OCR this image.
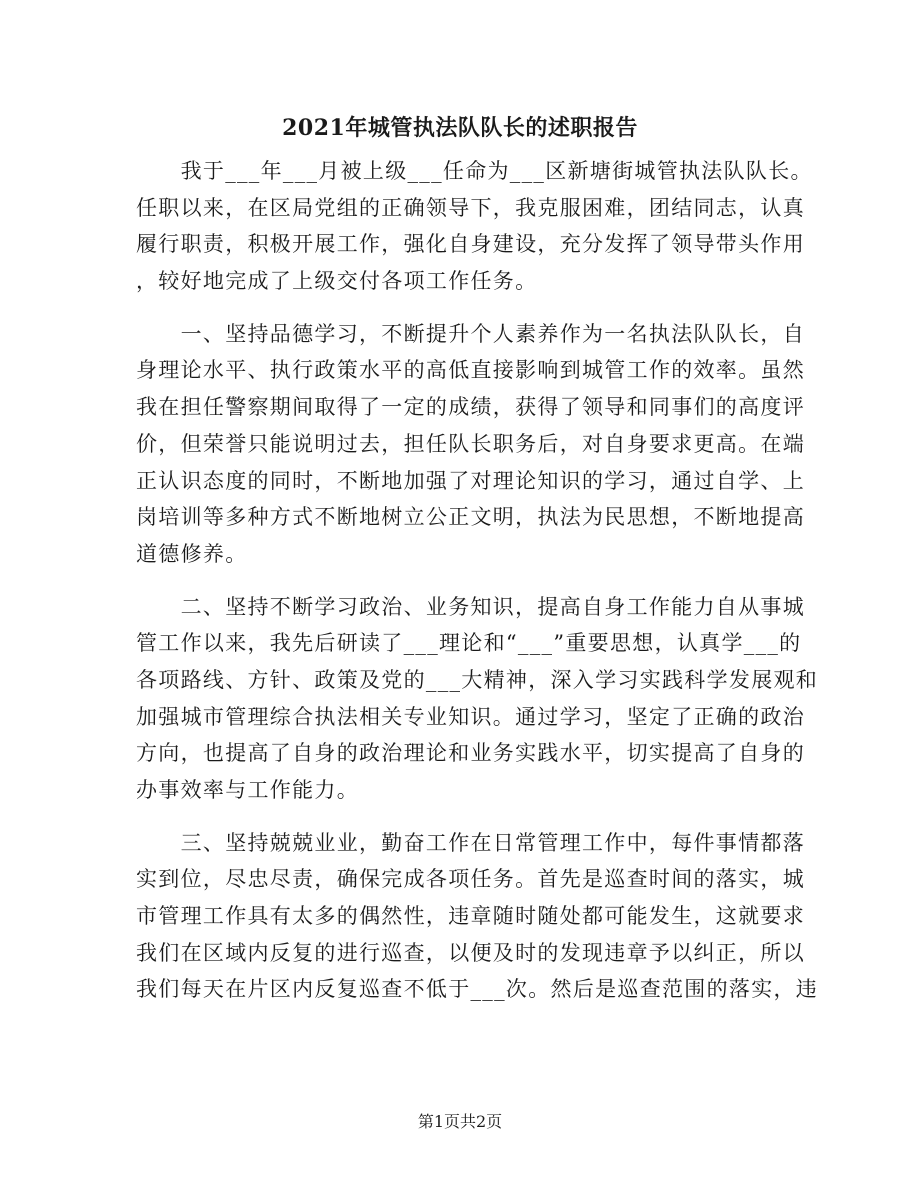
2021年城管执法队队长的述职报告
　　我于___年___月被上级___任命为___区新塘街城管执法队队长。
任职以来，在区局党组的正确领导下，我克服困难，团结同志，认真
履行职责，积极开展工作，强化自身建设，充分发挥了领导带头作用
，较好地完成了上级交付各项工作任务。
　　一、坚持品德学习，不断提升个人素养作为一名执法队队长，自
身理论水平、执行政策水平的高低直接影响到城管工作的效率。虽然
我在担任警察期间取得了一定的成绩，获得了领导和同事们的高度评
价，但荣誉只能说明过去，担任队长职务后，对自身要求更高。在端
正认识态度的同时，不断地加强了对理论知识的学习，通过自学、上
岗培训等多种方式不断地树立公正文明，执法为民思想，不断地提高
道德修养。
　　二、坚持不断学习政治、业务知识，提高自身工作能力自从事城
管工作以来，我先后研读了___理论和“___”重要思想，认真学___的
各项路线、方针、政策及党的___大精神，深入学习实践科学发展观和
加强城市管理综合执法相关专业知识。通过学习，坚定了正确的政治
方向，也提高了自身的政治理论和业务实践水平，切实提高了自身的
办事效率与工作能力。
　　三、坚持兢兢业业，勤奋工作在日常管理工作中，每件事情都落
实到位，尽忠尽责，确保完成各项任务。首先是巡查时间的落实，城
市管理工作具有太多的偶然性，违章随时随处都可能发生，这就要求
我们在区域内反复的进行巡查，以便及时的发现违章予以纠正，所以
我们每天在片区内反复巡查不低于___次。然后是巡查范围的落实，违
第1页共2页
